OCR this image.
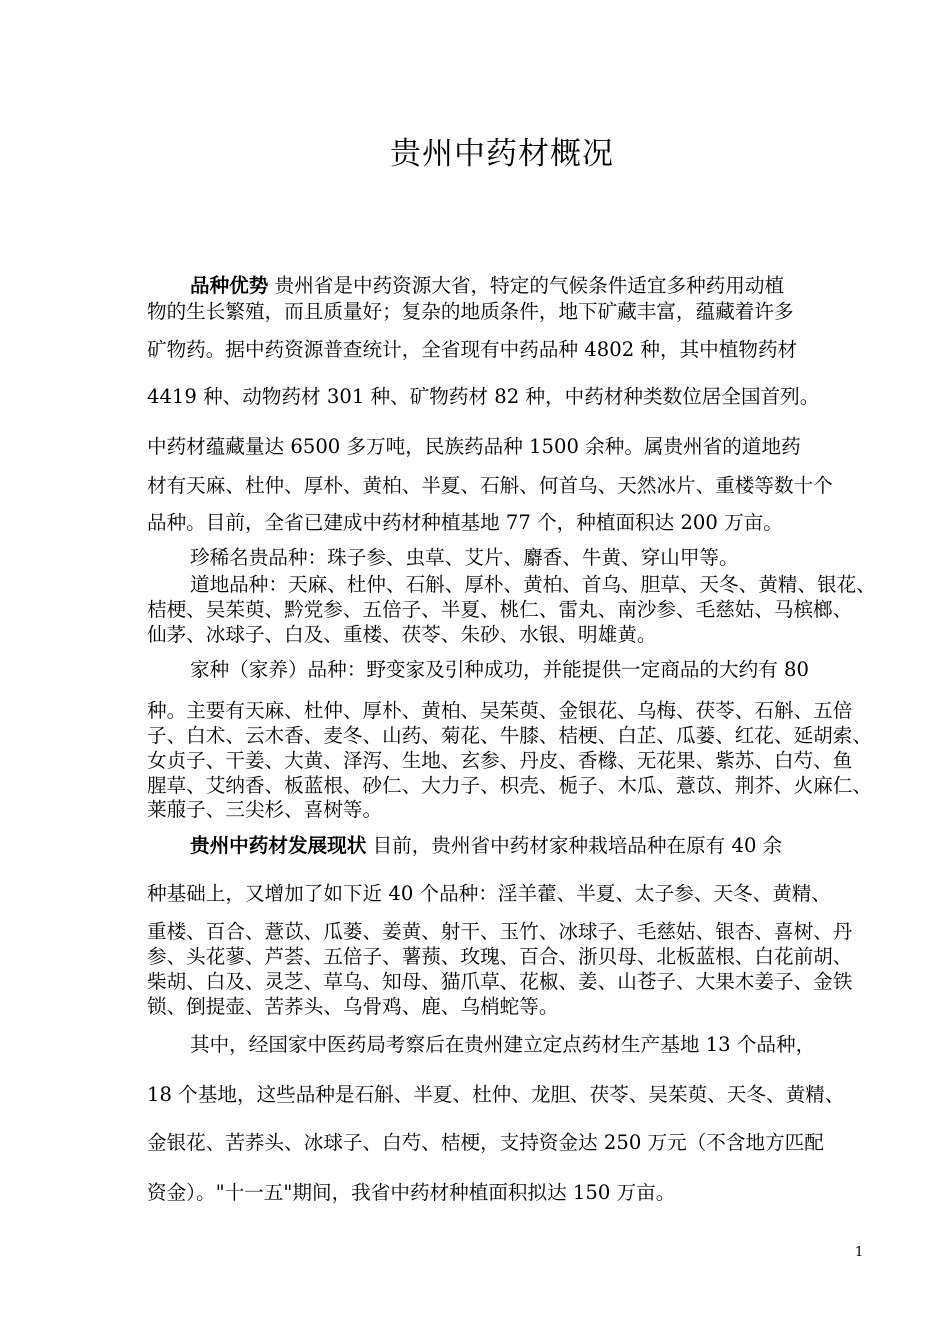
贵州中药材概况
品种优势 贵州省是中药资源大省，特定的气候条件适宜多种药用动植
物的生长繁殖，而且质量好；复杂的地质条件，地下矿藏丰富，蕴藏着许多
矿物药。据中药资源普查统计，全省现有中药品种 4802 种，其中植物药材
4419 种、动物药材 301 种、矿物药材 82 种，中药材种类数位居全国首列。
中药材蕴藏量达 6500 多万吨，民族药品种 1500 余种。属贵州省的道地药
材有天麻、杜仲、厚朴、黄柏、半夏、石斛、何首乌、天然冰片、重楼等数十个
品种。目前，全省已建成中药材种植基地 77 个，种植面积达 200 万亩。
珍稀名贵品种：珠子参、虫草、艾片、麝香、牛黄、穿山甲等。
道地品种：天麻、杜仲、石斛、厚朴、黄柏、首乌、胆草、天冬、黄精、银花、
桔梗、吴茱萸、黔党参、五倍子、半夏、桃仁、雷丸、南沙参、毛慈姑、马槟榔、
仙茅、冰球子、白及、重楼、茯苓、朱砂、水银、明雄黄。
家种（家养）品种：野变家及引种成功，并能提供一定商品的大约有 80
种。主要有天麻、杜仲、厚朴、黄柏、吴茱萸、金银花、乌梅、茯苓、石斛、五倍
子、白术、云木香、麦冬、山药、菊花、牛膝、桔梗、白芷、瓜蒌、红花、延胡索、
女贞子、干姜、大黄、泽泻、生地、玄参、丹皮、香橼、无花果、紫苏、白芍、鱼
腥草、艾纳香、板蓝根、砂仁、大力子、枳壳、栀子、木瓜、薏苡、荆芥、火麻仁、
莱菔子、三尖杉、喜树等。
贵州中药材发展现状 目前，贵州省中药材家种栽培品种在原有 40 余
种基础上，又增加了如下近 40 个品种：淫羊藿、半夏、太子参、天冬、黄精、
重楼、百合、薏苡、瓜蒌、姜黄、射干、玉竹、冰球子、毛慈姑、银杏、喜树、丹
参、头花蓼、芦荟、五倍子、薯蓣、玫瑰、百合、浙贝母、北板蓝根、白花前胡、
柴胡、白及、灵芝、草乌、知母、猫爪草、花椒、姜、山苍子、大果木姜子、金铁
锁、倒提壶、苦荞头、乌骨鸡、鹿、乌梢蛇等。
其中，经国家中医药局考察后在贵州建立定点药材生产基地 13 个品种，
18 个基地，这些品种是石斛、半夏、杜仲、龙胆、茯苓、吴茱萸、天冬、黄精、
金银花、苦荞头、冰球子、白芍、桔梗，支持资金达 250 万元（不含地方匹配
资金）。"十一五"期间，我省中药材种植面积拟达 150 万亩。
1
